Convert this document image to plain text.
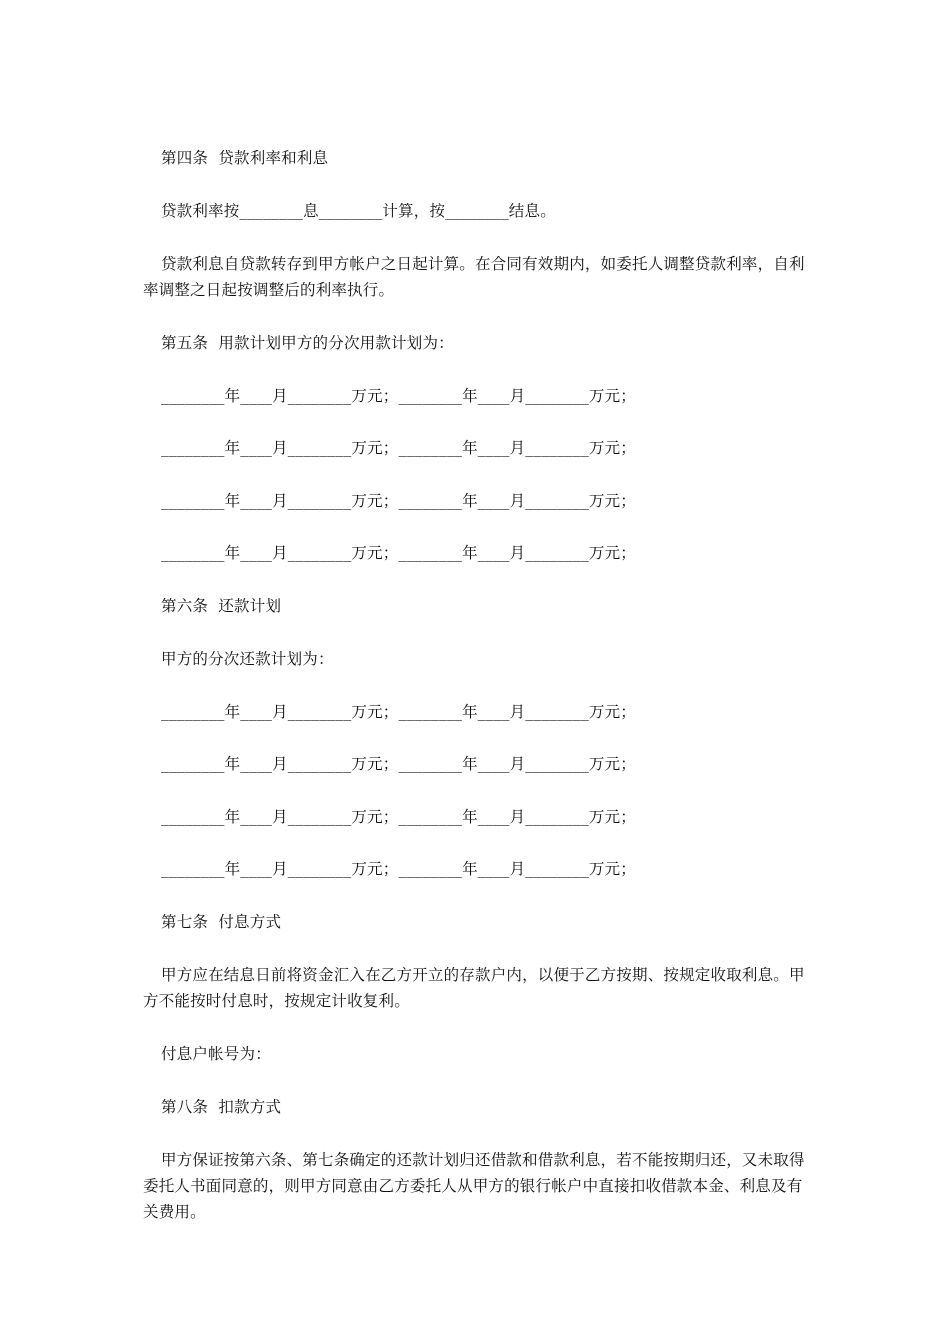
第四条  贷款利率和利息
贷款利率按________息________计算，按________结息。
贷款利息自贷款转存到甲方帐户之日起计算。在合同有效期内，如委托人调整贷款利率，自利率调整之日起按调整后的利率执行。
第五条  用款计划甲方的分次用款计划为：
________年____月________万元；________年____月________万元；
________年____月________万元；________年____月________万元；
________年____月________万元；________年____月________万元；
________年____月________万元；________年____月________万元；
第六条  还款计划
甲方的分次还款计划为：
________年____月________万元；________年____月________万元；
________年____月________万元；________年____月________万元；
________年____月________万元；________年____月________万元；
________年____月________万元；________年____月________万元；
第七条  付息方式
甲方应在结息日前将资金汇入在乙方开立的存款户内，以便于乙方按期、按规定收取利息。甲方不能按时付息时，按规定计收复利。
付息户帐号为：
第八条  扣款方式
甲方保证按第六条、第七条确定的还款计划归还借款和借款利息，若不能按期归还，又未取得委托人书面同意的，则甲方同意由乙方委托人从甲方的银行帐户中直接扣收借款本金、利息及有关费用。
